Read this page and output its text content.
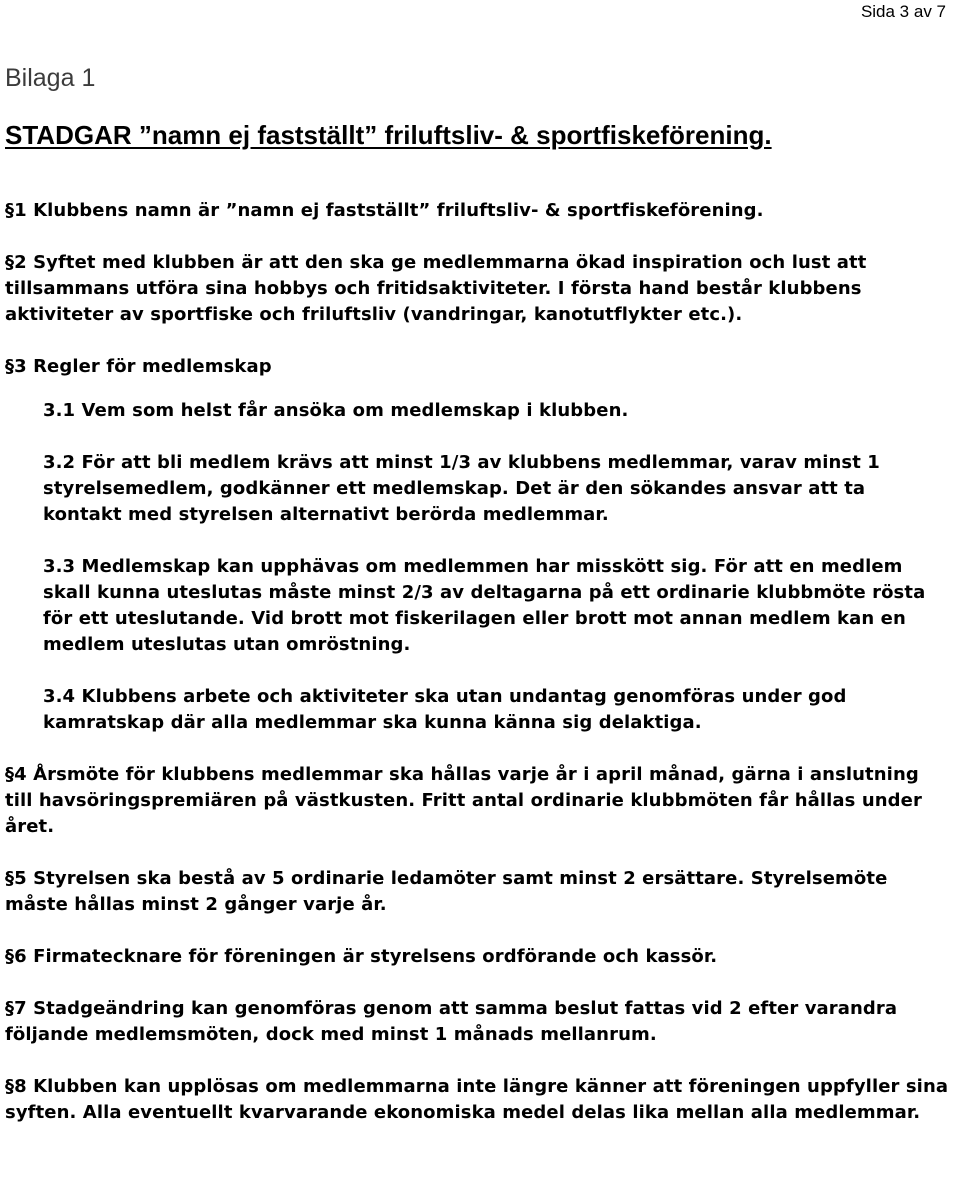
Sida 3 av 7
Bilaga 1
STADGAR ”namn ej fastställt” friluftsliv- & sportfiskeförening.

§1 Klubbens namn är ”namn ej fastställt” friluftsliv- & sportfiskeförening.

§2 Syftet med klubben är att den ska ge medlemmarna ökad inspiration och lust att tillsammans utföra sina hobbys och fritidsaktiviteter. I första hand består klubbens aktiviteter av sportfiske och friluftsliv (vandringar, kanotutflykter etc.).

§3 Regler för medlemskap

3.1 Vem som helst får ansöka om medlemskap i klubben.

3.2 För att bli medlem krävs att minst 1/3 av klubbens medlemmar, varav minst 1 styrelsemedlem, godkänner ett medlemskap. Det är den sökandes ansvar att ta kontakt med styrelsen alternativt berörda medlemmar.

3.3 Medlemskap kan upphävas om medlemmen har misskött sig. För att en medlem skall kunna uteslutas måste minst 2/3 av deltagarna på ett ordinarie klubbmöte rösta för ett uteslutande. Vid brott mot fiskerilagen eller brott mot annan medlem kan en medlem uteslutas utan omröstning.

3.4 Klubbens arbete och aktiviteter ska utan undantag genomföras under god kamratskap där alla medlemmar ska kunna känna sig delaktiga.

§4 Årsmöte för klubbens medlemmar ska hållas varje år i april månad, gärna i anslutning till havsöringspremiären på västkusten. Fritt antal ordinarie klubbmöten får hållas under året.

§5 Styrelsen ska bestå av 5 ordinarie ledamöter samt minst 2 ersättare. Styrelsemöte måste hållas minst 2 gånger varje år.

§6 Firmatecknare för föreningen är styrelsens ordförande och kassör.

§7 Stadgeändring kan genomföras genom att samma beslut fattas vid 2 efter varandra följande medlemsmöten, dock med minst 1 månads mellanrum.

§8 Klubben kan upplösas om medlemmarna inte längre känner att föreningen uppfyller sina syften. Alla eventuellt kvarvarande ekonomiska medel delas lika mellan alla medlemmar.
